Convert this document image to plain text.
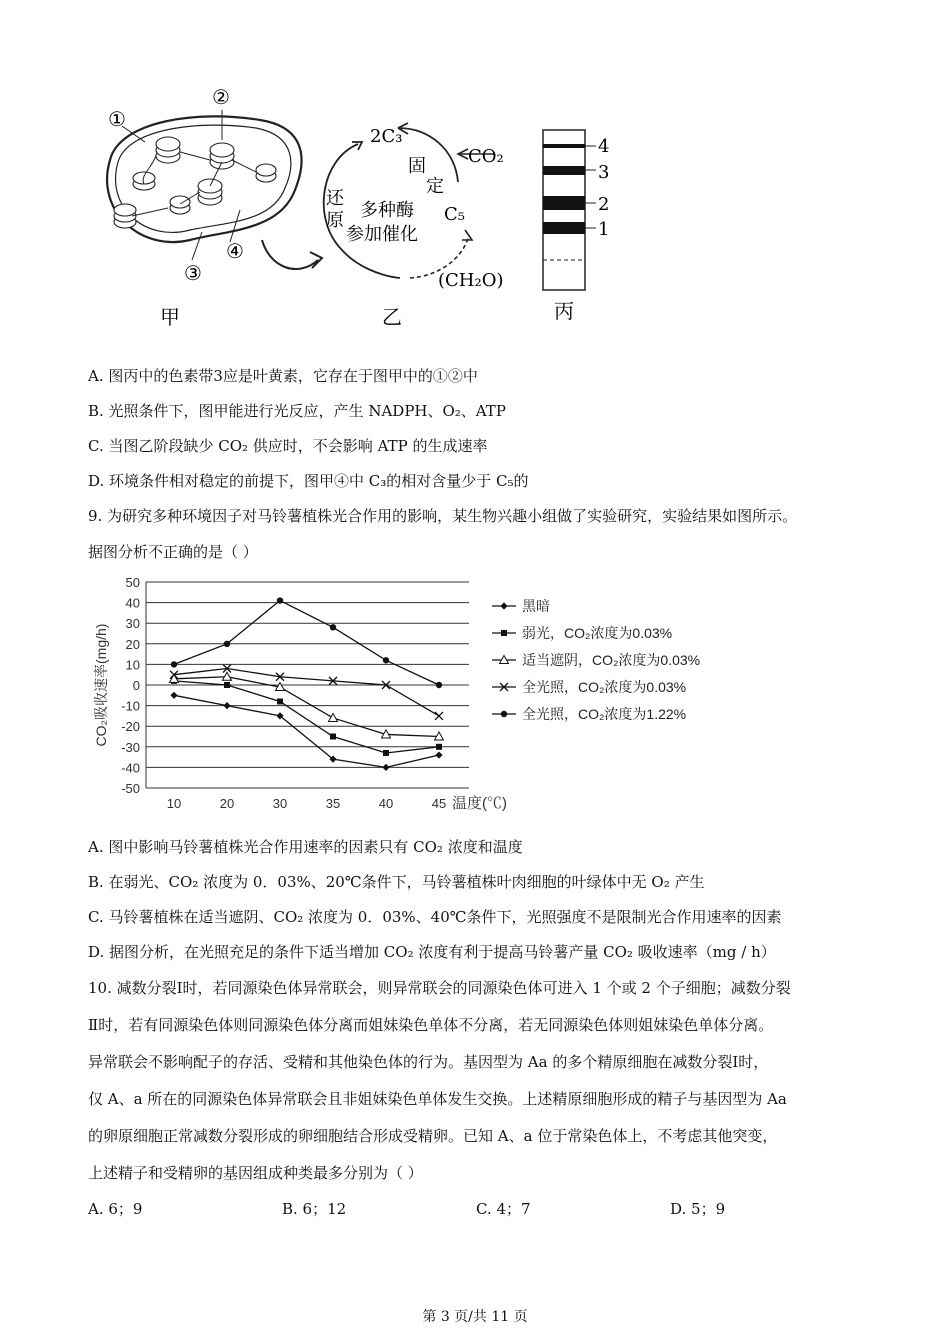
①
②
③
④
甲
2C₃
固
定
CO₂
C₅
还
原 多种酶
参加催化
(CH₂O)
乙
4
3
2
1
丙
A. 图丙中的色素带3应是叶黄素，它存在于图甲中的①②中
B. 光照条件下，图甲能进行光反应，产生 NADPH、O₂、ATP
C. 当图乙阶段缺少 CO₂ 供应时，不会影响 ATP 的生成速率
D. 环境条件相对稳定的前提下，图甲④中 C₃的相对含量少于 C₅的
9. 为研究多种环境因子对马铃薯植株光合作用的影响，某生物兴趣小组做了实验研究，实验结果如图所示。
据图分析不正确的是（ ）
50
40
30
20
10
0
-10
-20
-30
-40
-50
10	20	30	35	40	45
CO₂吸收速率(mg/h)
温度(℃)
黑暗
弱光，CO₂浓度为0.03%
适当遮阴，CO₂浓度为0.03%
全光照，CO₂浓度为0.03%
全光照，CO₂浓度为1.22%
A. 图中影响马铃薯植株光合作用速率的因素只有 CO₂ 浓度和温度
B. 在弱光、CO₂ 浓度为 0．03%、20℃条件下，马铃薯植株叶肉细胞的叶绿体中无 O₂ 产生
C. 马铃薯植株在适当遮阴、CO₂ 浓度为 0．03%、40℃条件下，光照强度不是限制光合作用速率的因素
D. 据图分析，在光照充足的条件下适当增加 CO₂ 浓度有利于提高马铃薯产量 CO₂ 吸收速率（mg / h）
10. 减数分裂Ⅰ时，若同源染色体异常联会，则异常联会的同源染色体可进入 1 个或 2 个子细胞；减数分裂
Ⅱ时，若有同源染色体则同源染色体分离而姐妹染色单体不分离，若无同源染色体则姐妹染色单体分离。
异常联会不影响配子的存活、受精和其他染色体的行为。基因型为 Aa 的多个精原细胞在减数分裂Ⅰ时，
仅 A、a 所在的同源染色体异常联会且非姐妹染色单体发生交换。上述精原细胞形成的精子与基因型为 Aa
的卵原细胞正常减数分裂形成的卵细胞结合形成受精卵。已知 A、a 位于常染色体上，不考虑其他突变，
上述精子和受精卵的基因组成种类最多分别为（ ）
A. 6；9	B. 6；12	C. 4；7	D. 5；9
第 3 页/共 11 页
